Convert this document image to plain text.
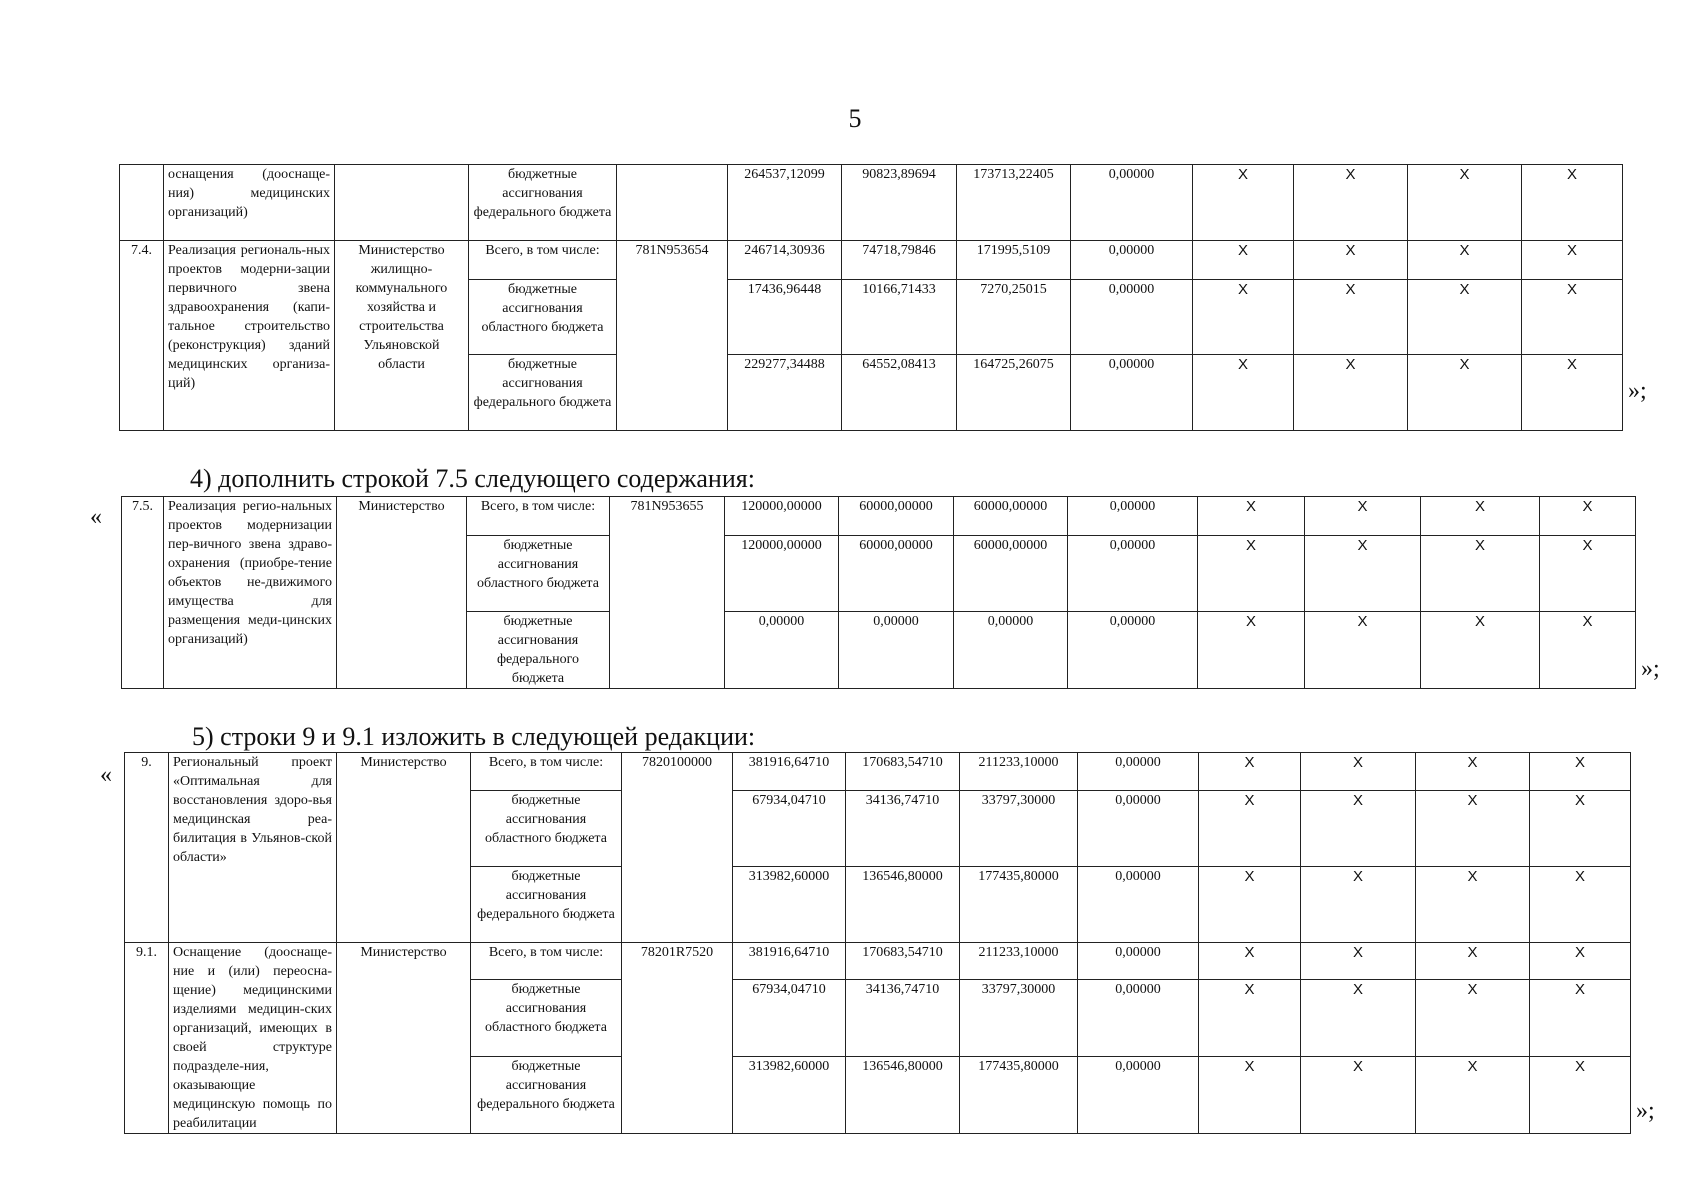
5
	оснащения (дооснаще-ния) медицинских организаций)		бюджетные ассигнования федерального бюджета		264537,12099	90823,89694	173713,22405	0,00000	X	X	X	X
7.4.	Реализация региональ-ных проектов модерни-зации первичного звена здравоохранения (капи-тальное строительство (реконструкция) зданий медицинских организа-ций)	Министерство жилищно-коммунального хозяйства и строительства Ульяновской области	Всего, в том числе:	781N953654	246714,30936	74718,79846	171995,5109	0,00000	X	X	X	X
			бюджетные ассигнования областного бюджета		17436,96448	10166,71433	7270,25015	0,00000	X	X	X	X
			бюджетные ассигнования федерального бюджета		229277,34488	64552,08413	164725,26075	0,00000	X	X	X	X
»;
4) дополнить строкой 7.5 следующего содержания:
« 7.5.	Реализация регио-нальных проектов модернизации пер-вичного звена здраво-охранения (приобре-тение объектов не-движимого имущества для размещения меди-цинских организаций)	Министерство	Всего, в том числе:	781N953655	120000,00000	60000,00000	60000,00000	0,00000	X	X	X	X
			бюджетные ассигнования областного бюджета		120000,00000	60000,00000	60000,00000	0,00000	X	X	X	X
			бюджетные ассигнования федерального бюджета		0,00000	0,00000	0,00000	0,00000	X	X	X	X
»;
5) строки 9 и 9.1 изложить в следующей редакции:
« 9.	Региональный проект «Оптимальная для восстановления здоро-вья медицинская реа-билитация в Ульянов-ской области»	Министерство	Всего, в том числе:	7820100000	381916,64710	170683,54710	211233,10000	0,00000	X	X	X	X
			бюджетные ассигнования областного бюджета		67934,04710	34136,74710	33797,30000	0,00000	X	X	X	X
			бюджетные ассигнования федерального бюджета		313982,60000	136546,80000	177435,80000	0,00000	X	X	X	X
9.1.	Оснащение (дооснаще-ние и (или) переосна-щение) медицинскими изделиями медицин-ских организаций, имеющих в своей структуре подразделе-ния, оказывающие медицинскую помощь по реабилитации	Министерство	Всего, в том числе:	78201R7520	381916,64710	170683,54710	211233,10000	0,00000	X	X	X	X
			бюджетные ассигнования областного бюджета		67934,04710	34136,74710	33797,30000	0,00000	X	X	X	X
			бюджетные ассигнования федерального бюджета		313982,60000	136546,80000	177435,80000	0,00000	X	X	X	X
»;
